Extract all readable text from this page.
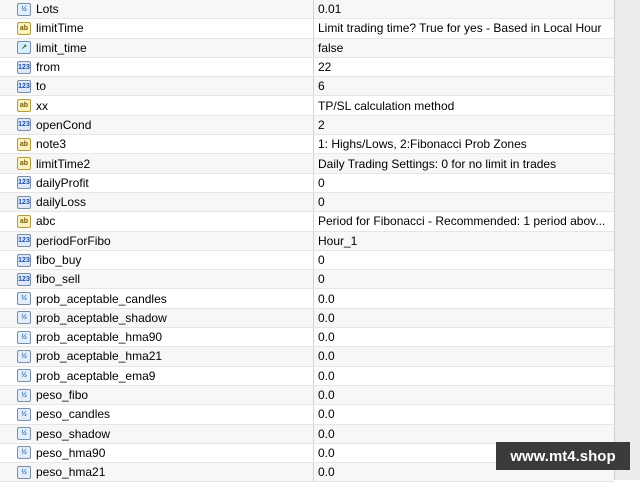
½ Lots	0.01
ab limitTime	Limit trading time? True for yes - Based in Local Hour
↗ limit_time	false
123 from	22
123 to	6
ab xx	TP/SL calculation method
123 openCond	2
ab note3	1: Highs/Lows, 2:Fibonacci Prob Zones
ab limitTime2	Daily Trading Settings: 0 for no limit in trades
123 dailyProfit	0
123 dailyLoss	0
ab abc	Period for Fibonacci - Recommended: 1 period abov...
123 periodForFibo	Hour_1
123 fibo_buy	0
123 fibo_sell	0
½ prob_aceptable_candles	0.0
½ prob_aceptable_shadow	0.0
½ prob_aceptable_hma90	0.0
½ prob_aceptable_hma21	0.0
½ prob_aceptable_ema9	0.0
½ peso_fibo	0.0
½ peso_candles	0.0
½ peso_shadow	0.0
½ peso_hma90	0.0
½ peso_hma21	0.0
www.mt4.shop
